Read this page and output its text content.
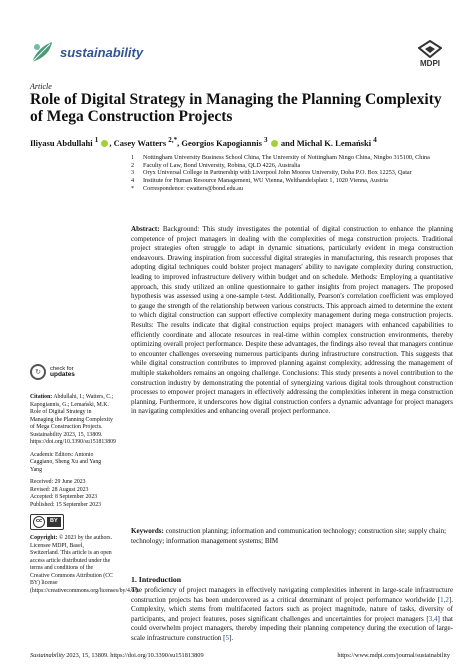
sustainability
MDPI
Article
Role of Digital Strategy in Managing the Planning Complexity of Mega Construction Projects
Iliyasu Abdullahi $^1$ , Casey Watters $^{2,*}$, Georgios Kapogiannis $^3$  and Michal K. Lemański $^4$
1	Nottingham University Business School China, The University of Nottingham Ningo China, Ningbo 315100, China
2	Faculty of Law, Bond University, Robina, QLD 4226, Australia
3	Oryx Universal College in Partnership with Liverpool John Moores University, Doha P.O. Box 12253, Qatar
4	Institute for Human Resource Management, WU Vienna, Welthandelsplatz 1, 1020 Vienna, Austria
*	Correspondence: cwatters@bond.edu.au
Abstract: Background: This study investigates the potential of digital construction to enhance the planning competence of project managers in dealing with the complexities of mega construction projects. Traditional project strategies often struggle to adapt in dynamic situations, particularly evident in mega construction endeavours. Drawing inspiration from successful digital strategies in manufacturing, this research proposes that adopting digital techniques could bolster project managers' ability to navigate complexity during construction, leading to improved infrastructure delivery within budget and on schedule. Methods: Employing a quantitative approach, this study utilized an online questionnaire to gather insights from project managers. The proposed hypothesis was assessed using a one-sample t-test. Additionally, Pearson's correlation coefficient was employed to gauge the strength of the relationship between various constructs. This approach aimed to determine the extent to which digital construction can support effective complexity management during mega construction projects. Results: The results indicate that digital construction equips project managers with enhanced capabilities to efficiently coordinate and allocate resources in real-time within complex construction environments, thereby optimizing overall project performance. Despite these advantages, the findings also reveal that managers continue to encounter challenges overseeing numerous participants during infrastructure construction. This suggests that while digital construction contributes to improved planning against complexity, addressing the management of multiple stakeholders remains an ongoing challenge. Conclusions: This study presents a novel contribution to the construction industry by demonstrating the potential of synergizing various digital tools throughout construction processes to empower project managers in effectively addressing the complexities inherent in mega construction planning. Furthermore, it underscores how digital construction confers a dynamic advantage for project managers in navigating complexities and enhancing overall project performance.
Keywords: construction planning; information and communication technology; construction site; supply chain; technology; information management systems; BIM
1. Introduction
The proficiency of project managers in effectively navigating complexities inherent in large-scale infrastructure construction projects has been undercovered as a critical determinant of project performance worldwide [1,2]. Complexity, which stems from multifaceted factors such as project magnitude, nature of tasks, diversity of participants, and project features, poses significant challenges and uncertainties for project managers [3,4] that could overwhelm project managers, thereby impeding their planning competency during the execution of large-scale infrastructure construction [5].
↻
check for
updates

Citation: Abdullahi, I.; Watters, C.; Kapogiannis, G.; Lemański, M.K. Role of Digital Strategy in Managing the Planning Complexity of Mega Construction Projects. Sustainability 2023, 15, 13809. https://doi.org/10.3390/su151813809

Academic Editors: Antonio Caggiano, Sheng Xu and Yang Yang

Received: 29 June 2023
Revised: 28 August 2023
Accepted: 8 September 2023
Published: 15 September 2023

cc	BY

Copyright: © 2023 by the authors. Licensee MDPI, Basel, Switzerland. This article is an open access article distributed under the terms and conditions of the Creative Commons Attribution (CC BY) license (https://creativecommons.org/licenses/by/4.0/).

Sustainability 2023, 15, 13809. https://doi.org/10.3390/su151813809	https://www.mdpi.com/journal/sustainability
